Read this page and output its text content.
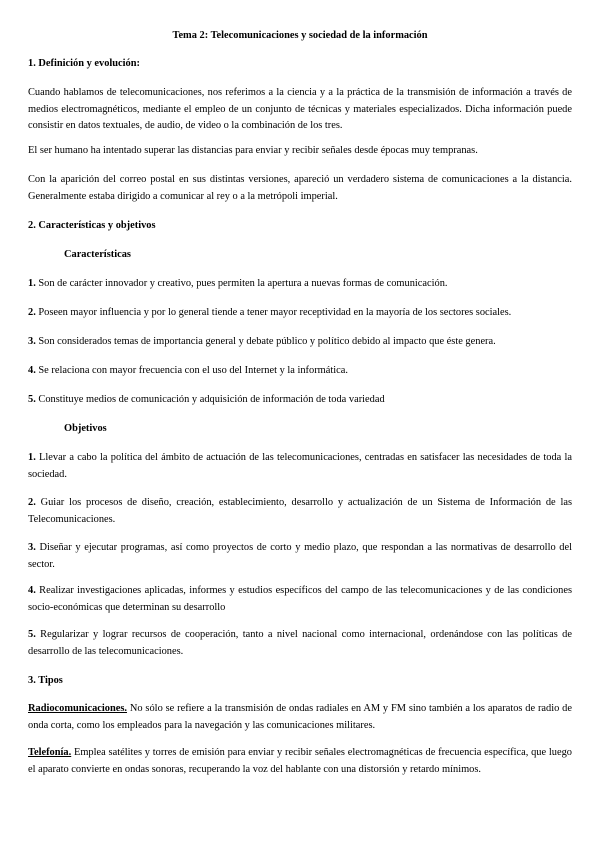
Tema 2: Telecomunicaciones y sociedad de la información

1. Definición y evolución:

Cuando hablamos de telecomunicaciones, nos referimos a la ciencia y a la práctica de la transmisión de información a través de medios electromagnéticos, mediante el empleo de un conjunto de técnicas y materiales especializados. Dicha información puede consistir en datos textuales, de audio, de video o la combinación de los tres.

El ser humano ha intentado superar las distancias para enviar y recibir señales desde épocas muy tempranas.

Con la aparición del correo postal en sus distintas versiones, apareció un verdadero sistema de comunicaciones a la distancia. Generalmente estaba dirigido a comunicar al rey o a la metrópoli imperial.

2. Características y objetivos

Características

1. Son de carácter innovador y creativo, pues permiten la apertura a nuevas formas de comunicación.

2. Poseen mayor influencia y por lo general tiende a tener mayor receptividad en la mayoría de los sectores sociales.

3. Son considerados temas de importancia general y debate público y político debido al impacto que éste genera.

4. Se relaciona con mayor frecuencia con el uso del Internet y la informática.

5. Constituye medios de comunicación y adquisición de información de toda variedad

Objetivos

1. Llevar a cabo la política del ámbito de actuación de las telecomunicaciones, centradas en satisfacer las necesidades de toda la sociedad.

2. Guiar los procesos de diseño, creación, establecimiento, desarrollo y actualización de un Sistema de Información de las Telecomunicaciones.

3. Diseñar y ejecutar programas, así como proyectos de corto y medio plazo, que respondan a las normativas de desarrollo del sector.

4. Realizar investigaciones aplicadas, informes y estudios específicos del campo de las telecomunicaciones y de las condiciones socio-económicas que determinan su desarrollo

5. Regularizar y lograr recursos de cooperación, tanto a nivel nacional como internacional, ordenándose con las políticas de desarrollo de las telecomunicaciones.

3. Tipos

Radiocomunicaciones. No sólo se refiere a la transmisión de ondas radiales en AM y FM sino también a los aparatos de radio de onda corta, como los empleados para la navegación y las comunicaciones militares.

Telefonía. Emplea satélites y torres de emisión para enviar y recibir señales electromagnéticas de frecuencia específica, que luego el aparato convierte en ondas sonoras, recuperando la voz del hablante con una distorsión y retardo mínimos.
